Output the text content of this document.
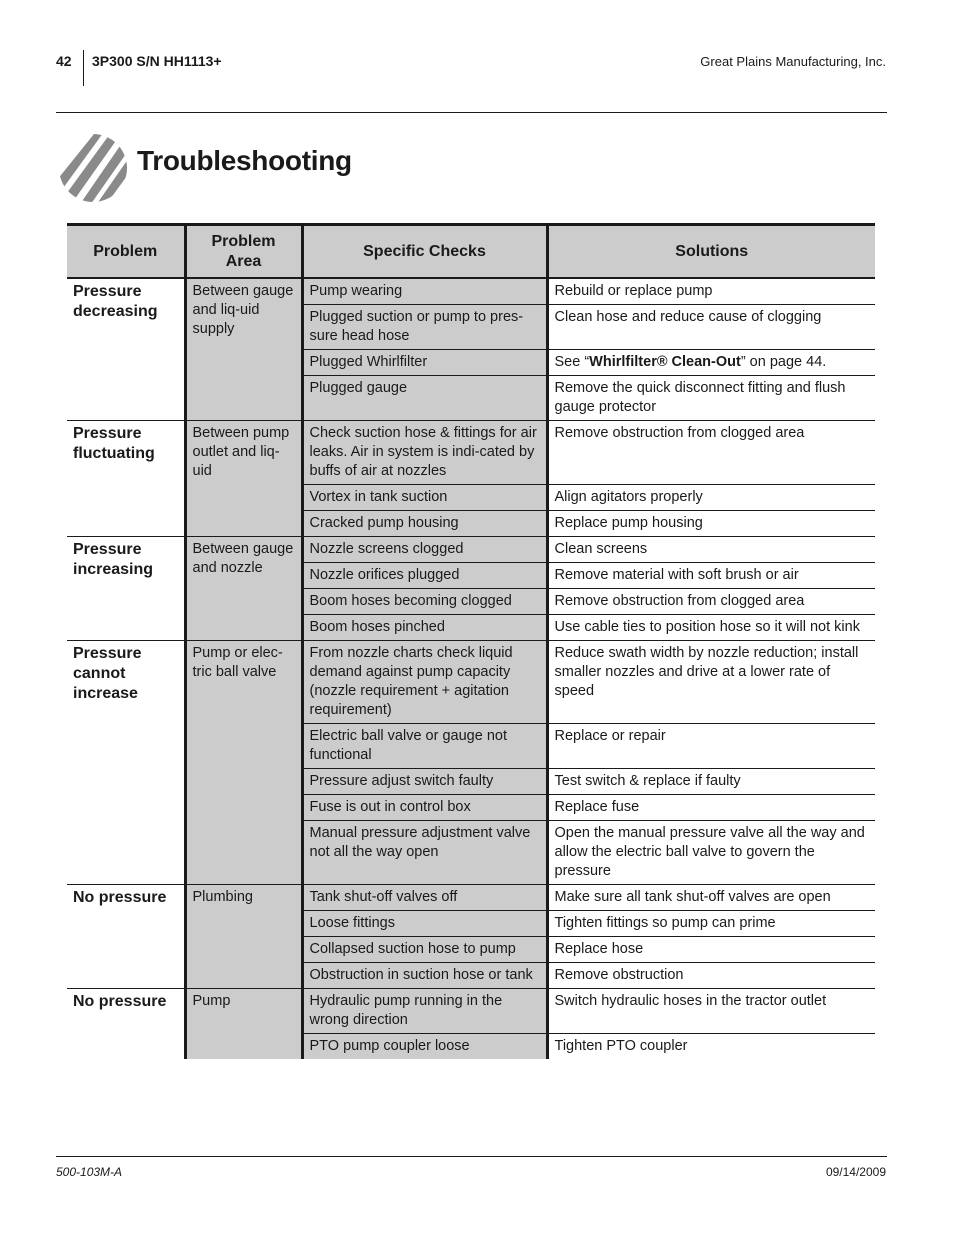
42 3P300 S/N HH1113+	Great Plains Manufacturing, Inc.
Troubleshooting
Problem	Problem Area	Specific Checks	Solutions
Pressure decreasing	Between gauge and liq-uid supply	Pump wearing	Rebuild or replace pump
		Plugged suction or pump to pres-sure head hose	Clean hose and reduce cause of clogging
		Plugged Whirlfilter	See “Whirlfilter® Clean-Out” on page 44.
		Plugged gauge	Remove the quick disconnect fitting and flush gauge protector
Pressure fluctuating	Between pump outlet and liq-uid	Check suction hose & fittings for air leaks. Air in system is indi-cated by buffs of air at nozzles	Remove obstruction from clogged area
		Vortex in tank suction	Align agitators properly
		Cracked pump housing	Replace pump housing
Pressure increasing	Between gauge and nozzle	Nozzle screens clogged	Clean screens
		Nozzle orifices plugged	Remove material with soft brush or air
		Boom hoses becoming clogged	Remove obstruction from clogged area
		Boom hoses pinched	Use cable ties to position hose so it will not kink
Pressure cannot increase	Pump or elec-tric ball valve	From nozzle charts check liquid demand against pump capacity (nozzle requirement + agitation requirement)	Reduce swath width by nozzle reduction; install smaller nozzles and drive at a lower rate of speed
		Electric ball valve or gauge not functional	Replace or repair
		Pressure adjust switch faulty	Test switch & replace if faulty
		Fuse is out in control box	Replace fuse
		Manual pressure adjustment valve not all the way open	Open the manual pressure valve all the way and allow the electric ball valve to govern the pressure
No pressure	Plumbing	Tank shut-off valves off	Make sure all tank shut-off valves are open
		Loose fittings	Tighten fittings so pump can prime
		Collapsed suction hose to pump	Replace hose
		Obstruction in suction hose or tank	Remove obstruction
No pressure	Pump	Hydraulic pump running in the wrong direction	Switch hydraulic hoses in the tractor outlet
		PTO pump coupler loose	Tighten PTO coupler
500-103M-A	09/14/2009
